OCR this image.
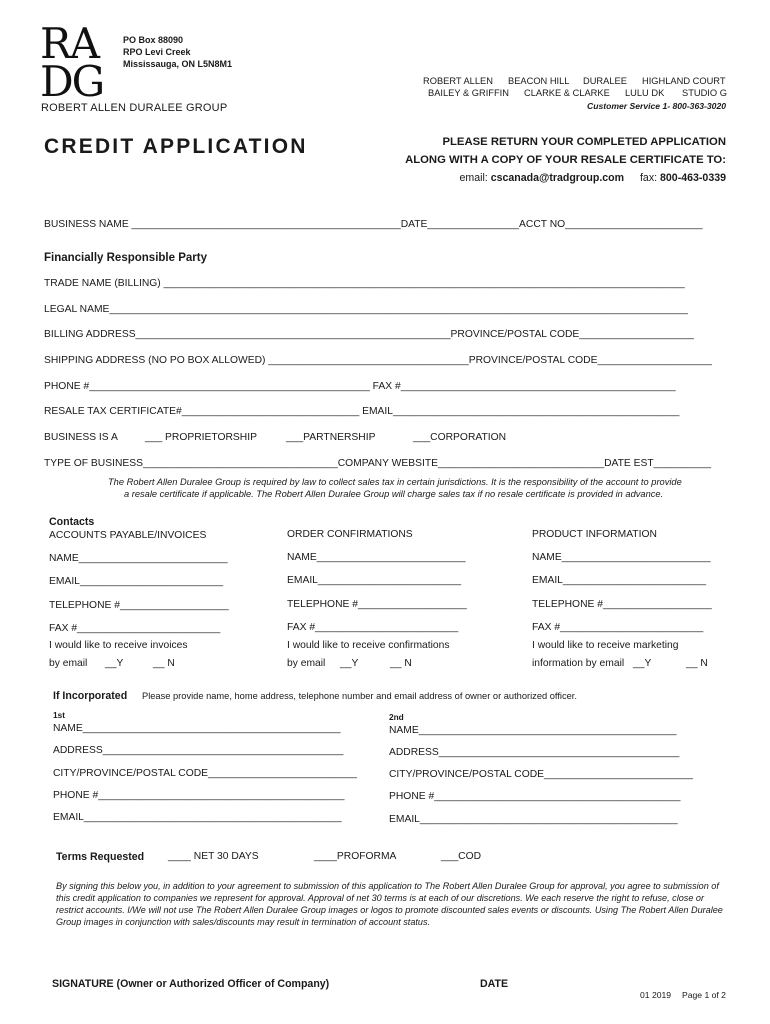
RA
DG
PO Box 88090
RPO Levi Creek
Mississauga, ON L5N8M1
ROBERT ALLEN DURALEE GROUP
ROBERT ALLEN BEACON HILL DURALEE HIGHLAND COURT
BAILEY & GRIFFIN CLARKE & CLARKE LULU DK STUDIO G
Customer Service 1- 800-363-3020
CREDIT APPLICATION	PLEASE RETURN YOUR COMPLETED APPLICATION
ALONG WITH A COPY OF YOUR RESALE CERTIFICATE TO:
email: cscanada@tradgroup.com fax: 800-463-0339
BUSINESS NAME _______________________________________________DATE________________ACCT NO________________________
Financially Responsible Party
TRADE NAME (BILLING) ___________________________________________________________________________________________
LEGAL NAME_____________________________________________________________________________________________________
BILLING ADDRESS_______________________________________________________PROVINCE/POSTAL CODE____________________
SHIPPING ADDRESS (NO PO BOX ALLOWED) ___________________________________PROVINCE/POSTAL CODE____________________
PHONE #_________________________________________________ FAX #________________________________________________
RESALE TAX CERTIFICATE#_______________________________ EMAIL__________________________________________________
BUSINESS IS A	___ PROPRIETORSHIP	___PARTNERSHIP	___CORPORATION
TYPE OF BUSINESS__________________________________COMPANY WEBSITE_____________________________DATE EST__________
The Robert Allen Duralee Group is required by law to collect sales tax in certain jurisdictions. It is the responsibility of the account to provide
a resale certificate if applicable. The Robert Allen Duralee Group will charge sales tax if no resale certificate is provided in advance.
Contacts
ACCOUNTS PAYABLE/INVOICES
NAME__________________________
EMAIL_________________________
TELEPHONE #___________________
FAX #_________________________
I would like to receive invoices
by email __Y	__ N
ORDER CONFIRMATIONS
NAME__________________________
EMAIL_________________________
TELEPHONE #___________________
FAX #_________________________
I would like to receive confirmations
by email __Y	__ N
PRODUCT INFORMATION
NAME__________________________
EMAIL_________________________
TELEPHONE #___________________
FAX #_________________________
I would like to receive marketing
information by email __Y	__ N
If Incorporated Please provide name, home address, telephone number and email address of owner or authorized officer.
1st
NAME_____________________________________________
ADDRESS__________________________________________
CITY/PROVINCE/POSTAL CODE__________________________
PHONE #___________________________________________
EMAIL_____________________________________________
2nd
NAME_____________________________________________
ADDRESS__________________________________________
CITY/PROVINCE/POSTAL CODE__________________________
PHONE #___________________________________________
EMAIL_____________________________________________
Terms Requested ____ NET 30 DAYS	____PROFORMA	___COD
By signing this below you, in addition to your agreement to submission of this application to The Robert Allen Duralee Group for approval, you agree to submission of this credit application to companies we represent for approval. Approval of net 30 terms is at each of our discretions. We each reserve the right to refuse, close or restrict accounts. I/We will not use The Robert Allen Duralee Group images or logos to promote discounted sales events or discounts. Using The Robert Allen Duralee Group images in conjunction with sales/discounts may result in termination of account status.
SIGNATURE (Owner or Authorized Officer of Company)	DATE
01 2019 Page 1 of 2
